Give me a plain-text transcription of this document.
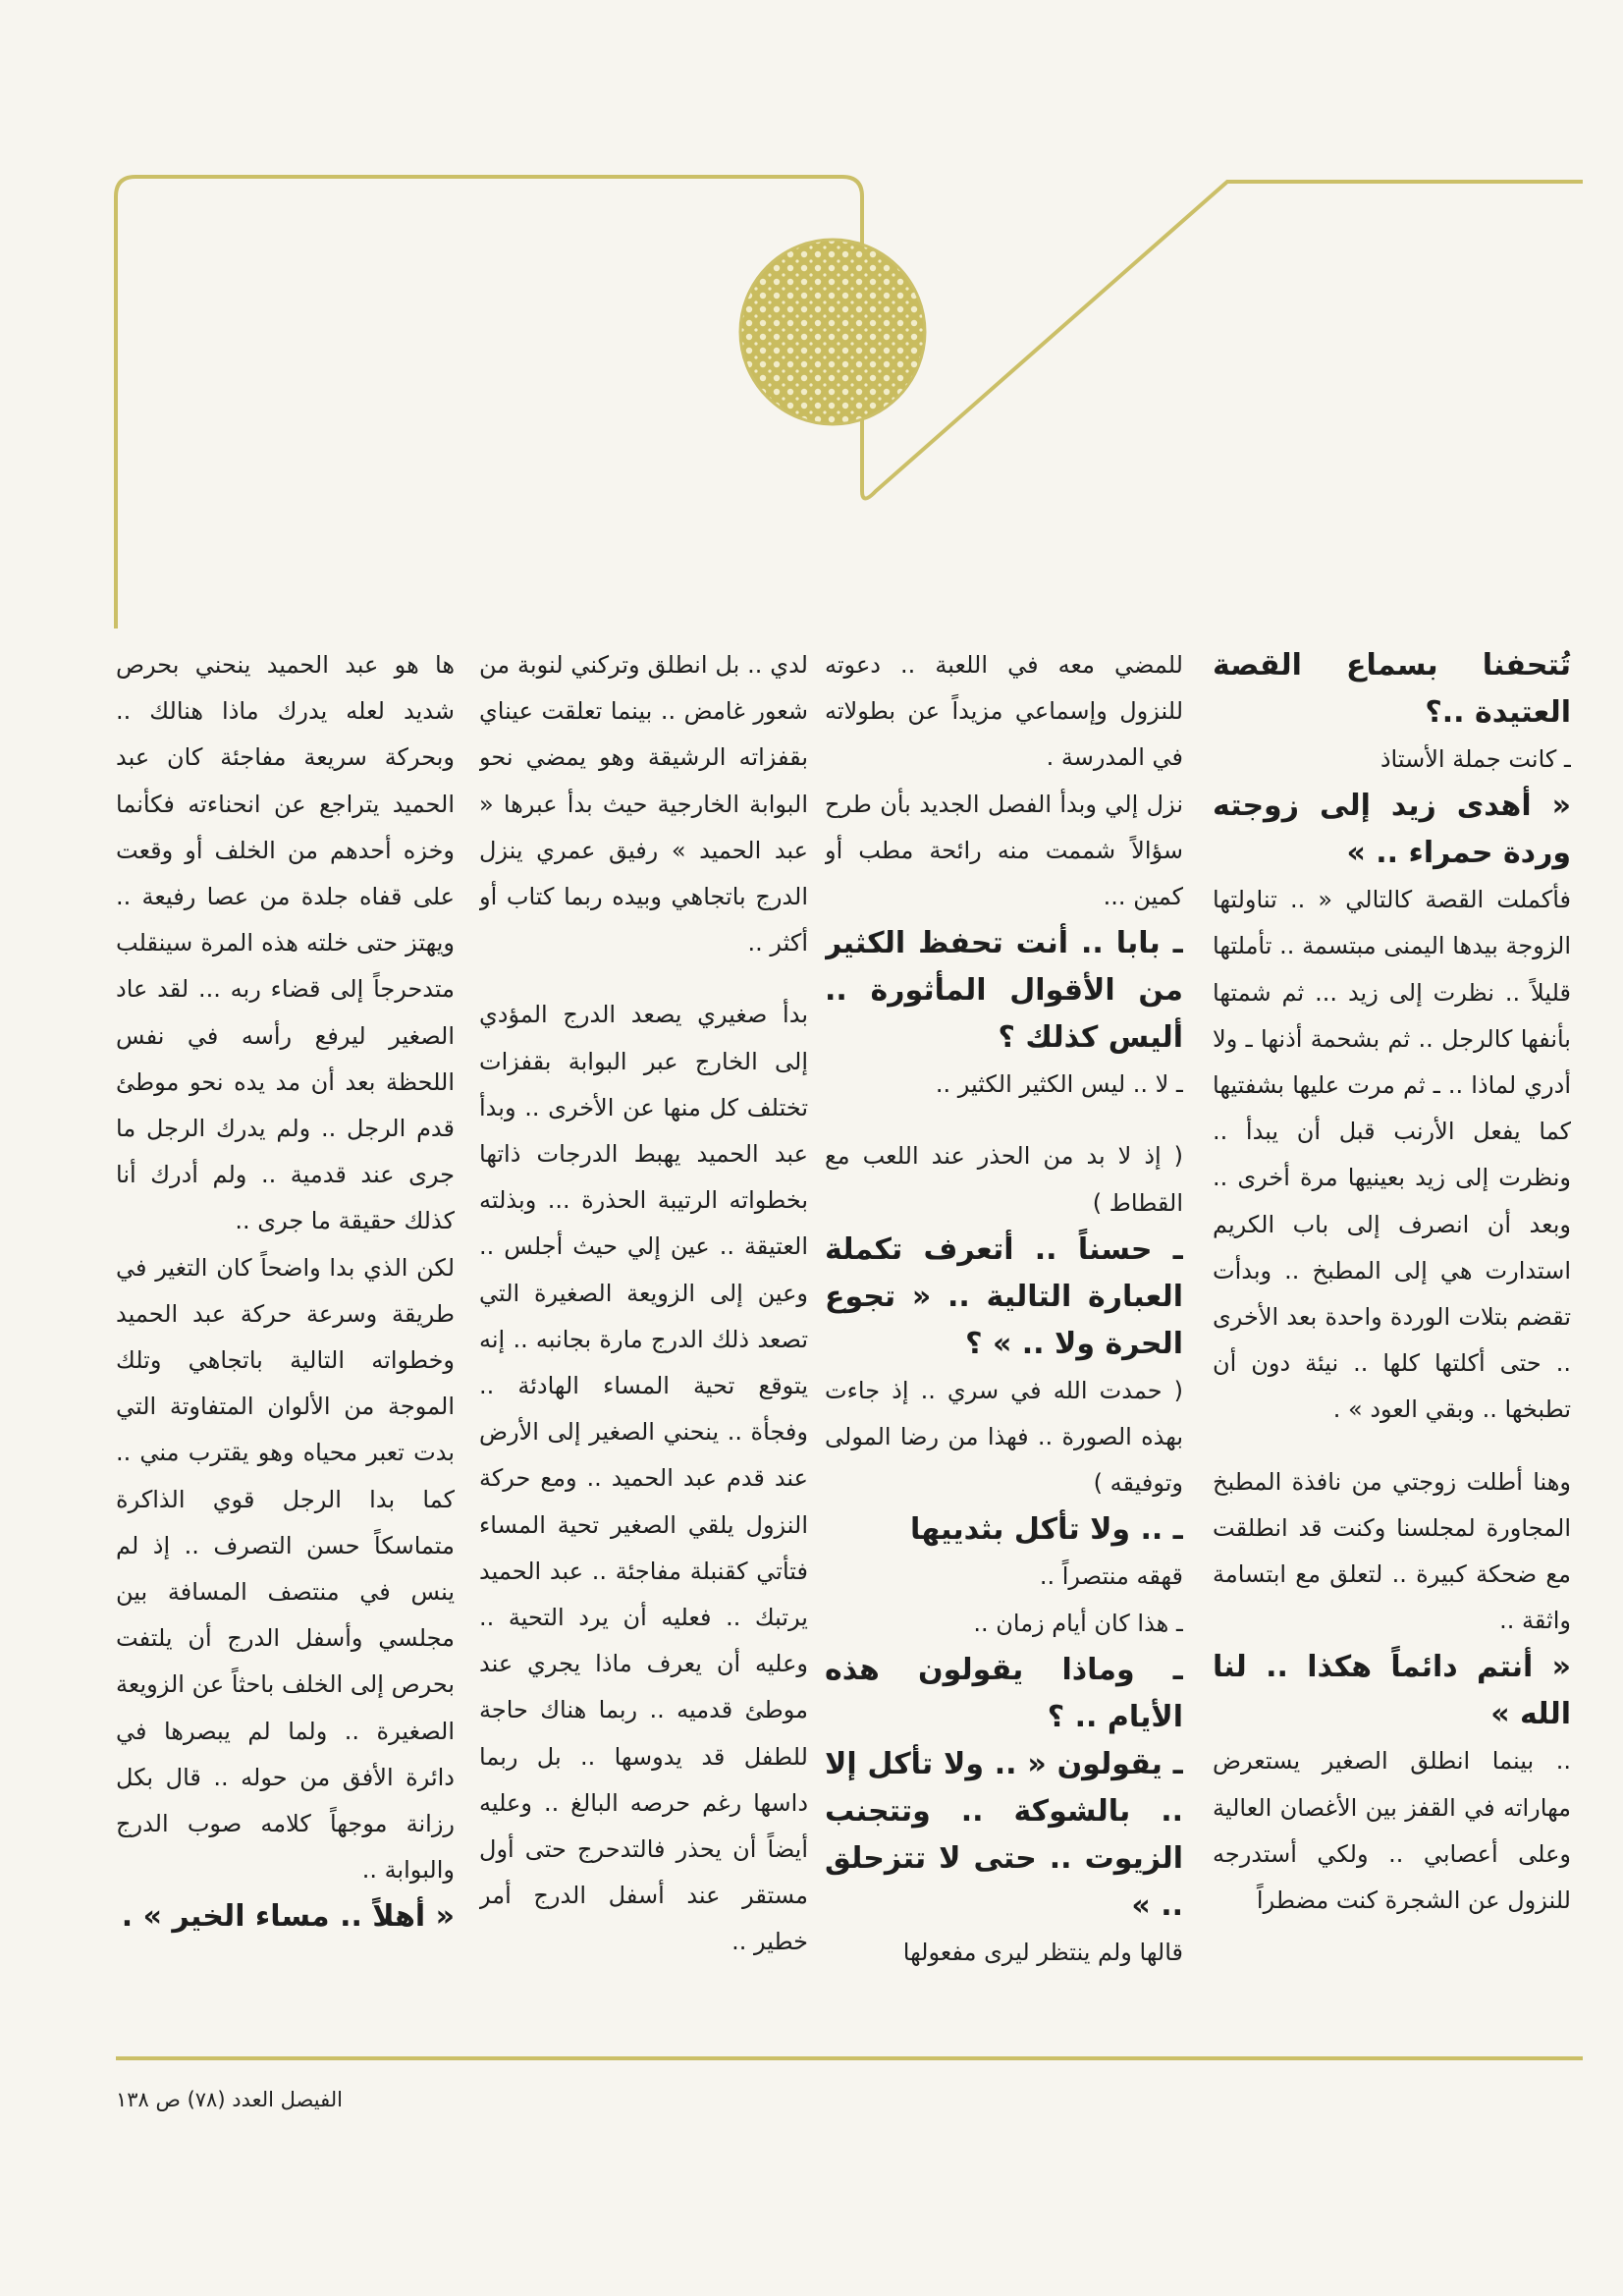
تُتحفنا بسماع القصة العتيدة ..؟

ـ كانت جملة الأستاذ

« أهدى زيد إلى زوجته وردة حمراء .. »

فأكملت القصة كالتالي « .. تناولتها الزوجة بيدها اليمنى مبتسمة .. تأملتها قليلاً .. نظرت إلى زيد ... ثم شمتها بأنفها كالرجل .. ثم بشحمة أذنها ـ ولا أدري لماذا .. ـ ثم مرت عليها بشفتيها كما يفعل الأرنب قبل أن يبدأ .. ونظرت إلى زيد بعينيها مرة أخرى .. وبعد أن انصرف إلى باب الكريم استدارت هي إلى المطبخ .. وبدأت تقضم بتلات الوردة واحدة بعد الأخرى .. حتى أكلتها كلها .. نيئة دون أن تطبخها .. وبقي العود » .

وهنا أطلت زوجتي من نافذة المطبخ المجاورة لمجلسنا وكنت قد انطلقت مع ضحكة كبيرة .. لتعلق مع ابتسامة واثقة ..

« أنتم دائماً هكذا .. لنا الله »

.. بينما انطلق الصغير يستعرض مهاراته في القفز بين الأغصان العالية وعلى أعصابي .. ولكي أستدرجه للنزول عن الشجرة كنت مضطراً

للمضي معه في اللعبة .. دعوته للنزول وإسماعي مزيداً عن بطولاته في المدرسة .

نزل إلي وبدأ الفصل الجديد بأن طرح سؤالاً شممت منه رائحة مطب أو كمين ...

ـ بابا .. أنت تحفظ الكثير من الأقوال المأثورة .. أليس كذلك ؟

ـ لا .. ليس الكثير الكثير ..

( إذ لا بد من الحذر عند اللعب مع القطاط )

ـ حسناً .. أتعرف تكملة العبارة التالية .. « تجوع الحرة ولا .. » ؟

( حمدت الله في سري .. إذ جاءت بهذه الصورة .. فهذا من رضا المولى وتوفيقه )

ـ .. ولا تأكل بثدييها

قهقه منتصراً ..

ـ هذا كان أيام زمان ..

ـ وماذا يقولون هذه الأيام .. ؟

ـ يقولون « .. ولا تأكل إلا .. بالشوكة .. وتتجنب الزيوت .. حتى لا تتزحلق .. »

قالها ولم ينتظر ليرى مفعولها

لدي .. بل انطلق وتركني لنوبة من شعور غامض .. بينما تعلقت عيناي بقفزاته الرشيقة وهو يمضي نحو البوابة الخارجية حيث بدأ عبرها « عبد الحميد » رفيق عمري ينزل الدرج باتجاهي وبيده ربما كتاب أو أكثر ..

بدأ صغيري يصعد الدرج المؤدي إلى الخارج عبر البوابة بقفزات تختلف كل منها عن الأخرى .. وبدأ عبد الحميد يهبط الدرجات ذاتها بخطواته الرتيبة الحذرة ... وبذلته العتيقة .. عين إلي حيث أجلس .. وعين إلى الزويعة الصغيرة التي تصعد ذلك الدرج مارة بجانبه .. إنه يتوقع تحية المساء الهادئة .. وفجأة .. ينحني الصغير إلى الأرض عند قدم عبد الحميد .. ومع حركة النزول يلقي الصغير تحية المساء فتأتي كقنبلة مفاجئة .. عبد الحميد يرتبك .. فعليه أن يرد التحية .. وعليه أن يعرف ماذا يجري عند موطئ قدميه .. ربما هناك حاجة للطفل قد يدوسها .. بل ربما داسها رغم حرصه البالغ .. وعليه أيضاً أن يحذر فالتدحرج حتى أول مستقر عند أسفل الدرج أمر خطير ..

ها هو عبد الحميد ينحني بحرص شديد لعله يدرك ماذا هنالك .. وبحركة سريعة مفاجئة كان عبد الحميد يتراجع عن انحناءته فكأنما وخزه أحدهم من الخلف أو وقعت على قفاه جلدة من عصا رفيعة .. ويهتز حتى خلته هذه المرة سينقلب متدحرجاً إلى قضاء ربه ... لقد عاد الصغير ليرفع رأسه في نفس اللحظة بعد أن مد يده نحو موطئ قدم الرجل .. ولم يدرك الرجل ما جرى عند قدمية .. ولم أدرك أنا كذلك حقيقة ما جرى ..

لكن الذي بدا واضحاً كان التغير في طريقة وسرعة حركة عبد الحميد وخطواته التالية باتجاهي وتلك الموجة من الألوان المتفاوتة التي بدت تعبر محياه وهو يقترب مني .. كما بدا الرجل قوي الذاكرة متماسكاً حسن التصرف .. إذ لم ينس في منتصف المسافة بين مجلسي وأسفل الدرج أن يلتفت بحرص إلى الخلف باحثاً عن الزويعة الصغيرة .. ولما لم يبصرها في دائرة الأفق من حوله .. قال بكل رزانة موجهاً كلامه صوب الدرج والبوابة ..

« أهلاً .. مساء الخير » .

الفيصل العدد (٧٨) ص ١٣٨
